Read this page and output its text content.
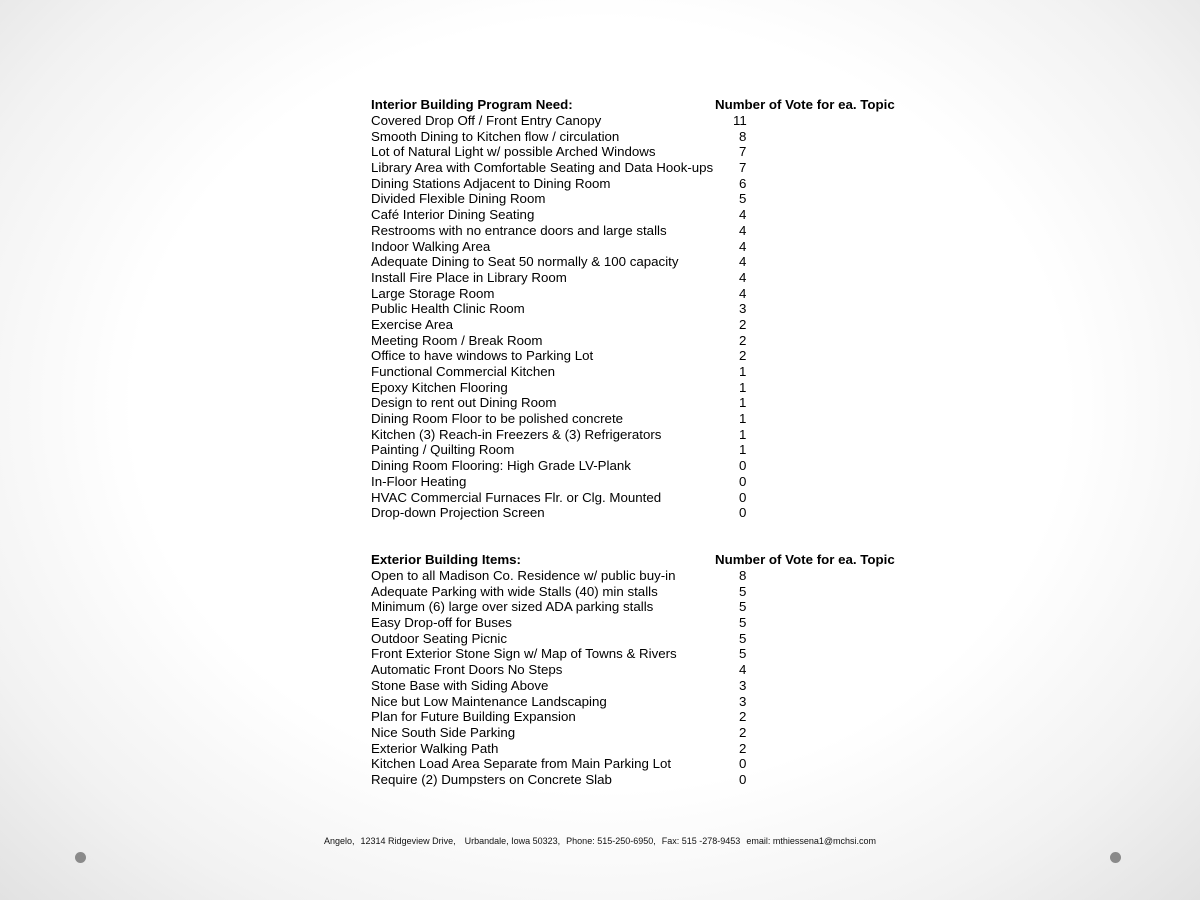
Interior Building Program Need:	Number of Vote for ea. Topic
Covered Drop Off / Front Entry Canopy	11
Smooth Dining to Kitchen flow / circulation	8
Lot of Natural Light w/ possible Arched Windows	7
Library Area with Comfortable Seating and Data Hook-ups 7
Dining Stations Adjacent to Dining Room	6
Divided Flexible Dining Room	5
Café Interior Dining Seating	4
Restrooms with no entrance doors and large stalls	4
Indoor Walking Area	4
Adequate Dining to Seat 50 normally & 100 capacity	4
Install Fire Place in Library Room	4
Large Storage Room	4
Public Health Clinic Room	3
Exercise Area	2
Meeting Room / Break Room	2
Office to have windows to Parking Lot	2
Functional Commercial Kitchen	1
Epoxy Kitchen Flooring	1
Design to rent out Dining Room	1
Dining Room Floor to be polished concrete	1
Kitchen (3) Reach-in Freezers & (3) Refrigerators	1
Painting / Quilting Room	1
Dining Room Flooring: High Grade LV-Plank	0
In-Floor Heating	0
HVAC Commercial Furnaces Flr. or Clg. Mounted	0
Drop-down Projection Screen	0
Exterior Building Items:	Number of Vote for ea. Topic
Open to all Madison Co. Residence w/ public buy-in	8
Adequate Parking with wide Stalls (40) min stalls	5
Minimum (6) large over sized ADA parking stalls	5
Easy Drop-off for Buses	5
Outdoor Seating Picnic	5
Front Exterior Stone Sign w/ Map of Towns & Rivers	5
Automatic Front Doors No Steps	4
Stone Base with Siding Above	3
Nice but Low Maintenance Landscaping	3
Plan for Future Building Expansion	2
Nice South Side Parking	2
Exterior Walking Path	2
Kitchen Load Area Separate from Main Parking Lot	0
Require (2) Dumpsters on Concrete Slab	0
Angelo, 12314 Ridgeview Drive, Urbandale, Iowa 50323, Phone: 515-250-6950, Fax: 515 -278-9453 email: mthiessena1@mchsi.com
